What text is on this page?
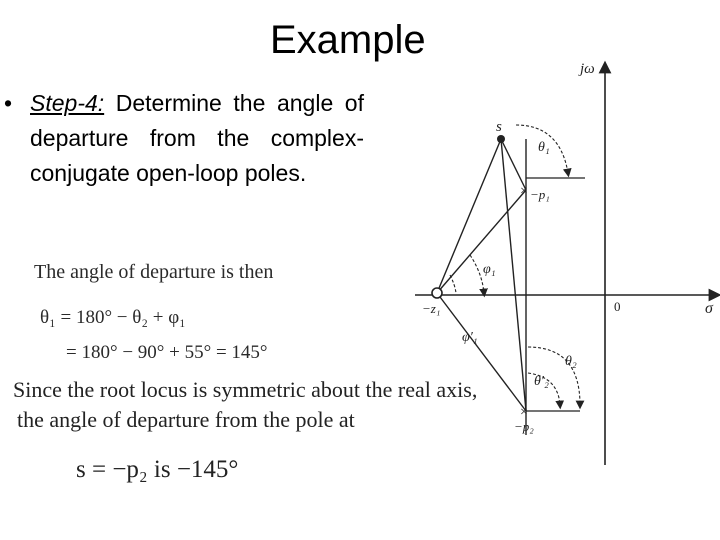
Example
• Step-4: Determine the angle of departure from the complex-conjugate open-loop poles.
The angle of departure is then
θ₁ = 180° − θ₂ + φ₁
= 180° − 90° + 55° = 145°
Since the root locus is symmetric about the real axis,
the angle of departure from the pole at
s = −p₂ is −145°
×
×
jω
σ
0
s
−p₁
−p₂
−z₁
θ₁
θ₂
θ′₂
φ₁
φ′₁
